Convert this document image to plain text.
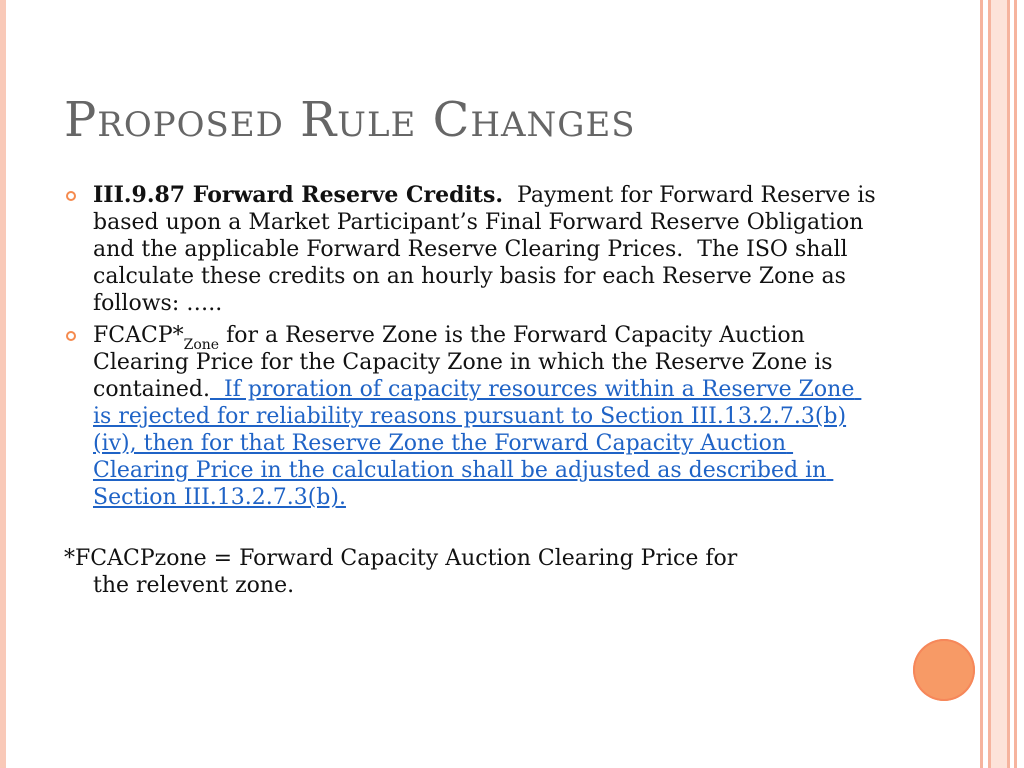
Proposed Rule Changes
III.9.87 Forward Reserve Credits.  Payment for Forward Reserve is based upon a Market Participant’s Final Forward Reserve Obligation and the applicable Forward Reserve Clearing Prices.  The ISO shall calculate these credits on an hourly basis for each Reserve Zone as follows: …..
$FCACP*_{Zone}$ for a Reserve Zone is the Forward Capacity Auction Clearing Price for the Capacity Zone in which the Reserve Zone is contained.  If proration of capacity resources within a Reserve Zone is rejected for reliability reasons pursuant to Section III.13.2.7.3(b)(iv), then for that Reserve Zone the Forward Capacity Auction Clearing Price in the calculation shall be adjusted as described in Section III.13.2.7.3(b).
*FCACPzone = Forward Capacity Auction Clearing Price for
the relevent zone.
